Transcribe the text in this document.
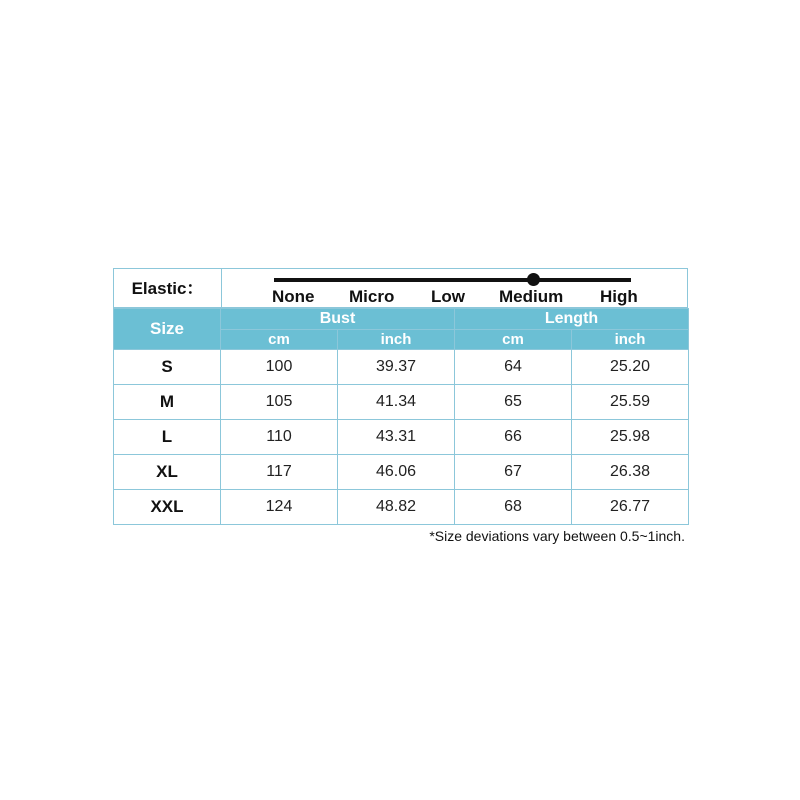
Elastic：	None Micro Low Medium High
Size	Bust		Length	
	cm	inch	cm	inch
S	100	39.37	64	25.20
M	105	41.34	65	25.59
L	110	43.31	66	25.98
XL	117	46.06	67	26.38
XXL	124	48.82	68	26.77
*Size deviations vary between 0.5~1inch.
